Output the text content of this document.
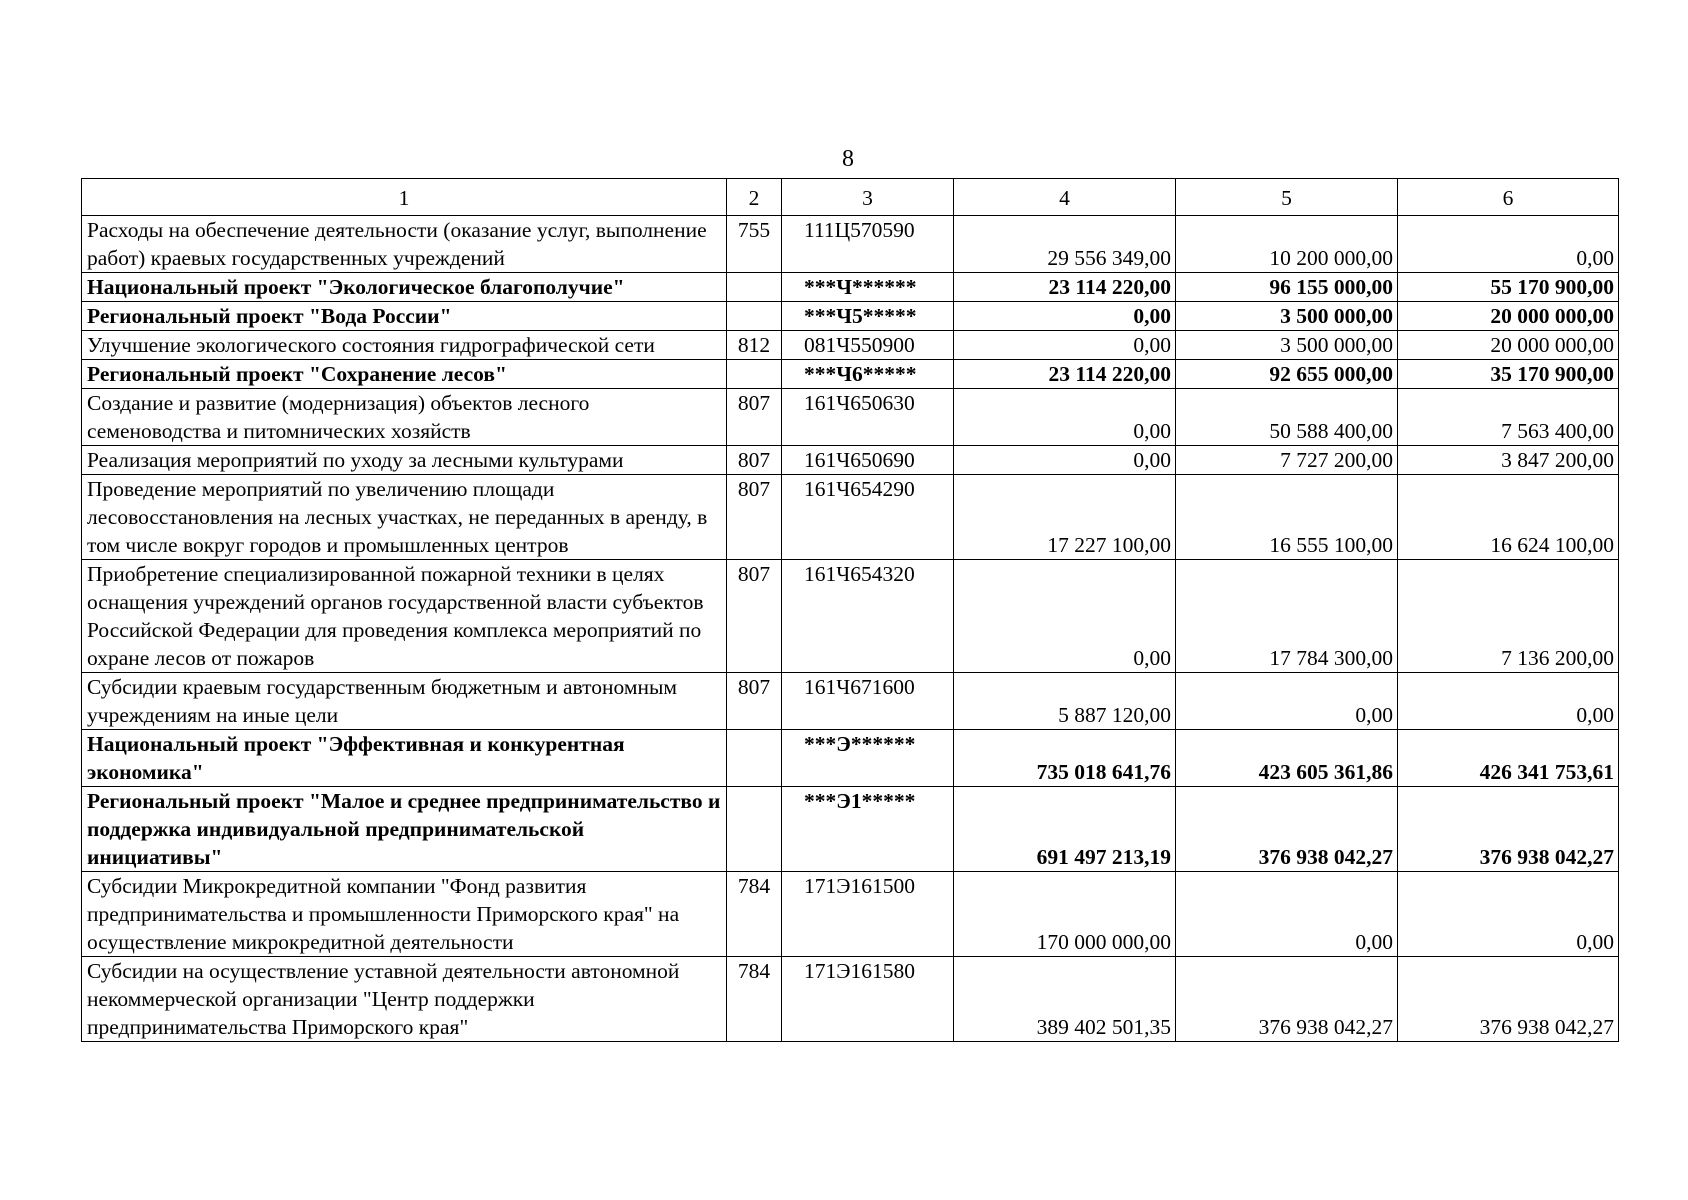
8
1	2	3	4	5	6
Расходы на обеспечение деятельности (оказание услуг, выполнение работ) краевых государственных учреждений	755	111Ц570590	29 556 349,00	10 200 000,00	0,00
Национальный проект "Экологическое благополучие"		***Ч******	23 114 220,00	96 155 000,00	55 170 900,00
Региональный проект "Вода России"		***Ч5*****	0,00	3 500 000,00	20 000 000,00
Улучшение экологического состояния гидрографической сети	812	081Ч550900	0,00	3 500 000,00	20 000 000,00
Региональный проект "Сохранение лесов"		***Ч6*****	23 114 220,00	92 655 000,00	35 170 900,00
Создание и развитие (модернизация) объектов лесного семеноводства и питомнических хозяйств	807	161Ч650630	0,00	50 588 400,00	7 563 400,00
Реализация мероприятий по уходу за лесными культурами	807	161Ч650690	0,00	7 727 200,00	3 847 200,00
Проведение мероприятий по увеличению площади лесовосстановления на лесных участках, не переданных в аренду, в том числе вокруг городов и промышленных центров	807	161Ч654290	17 227 100,00	16 555 100,00	16 624 100,00
Приобретение специализированной пожарной техники в целях оснащения учреждений органов государственной власти субъектов Российской Федерации для проведения комплекса мероприятий по охране лесов от пожаров	807	161Ч654320	0,00	17 784 300,00	7 136 200,00
Субсидии краевым государственным бюджетным и автономным учреждениям на иные цели	807	161Ч671600	5 887 120,00	0,00	0,00
Национальный проект "Эффективная и конкурентная экономика"		***Э******	735 018 641,76	423 605 361,86	426 341 753,61
Региональный проект "Малое и среднее предпринимательство и поддержка индивидуальной предпринимательской инициативы"		***Э1*****	691 497 213,19	376 938 042,27	376 938 042,27
Субсидии Микрокредитной компании "Фонд развития предпринимательства и промышленности Приморского края" на осуществление микрокредитной деятельности	784	171Э161500	170 000 000,00	0,00	0,00
Субсидии на осуществление уставной деятельности автономной некоммерческой организации "Центр поддержки предпринимательства Приморского края"	784	171Э161580	389 402 501,35	376 938 042,27	376 938 042,27
